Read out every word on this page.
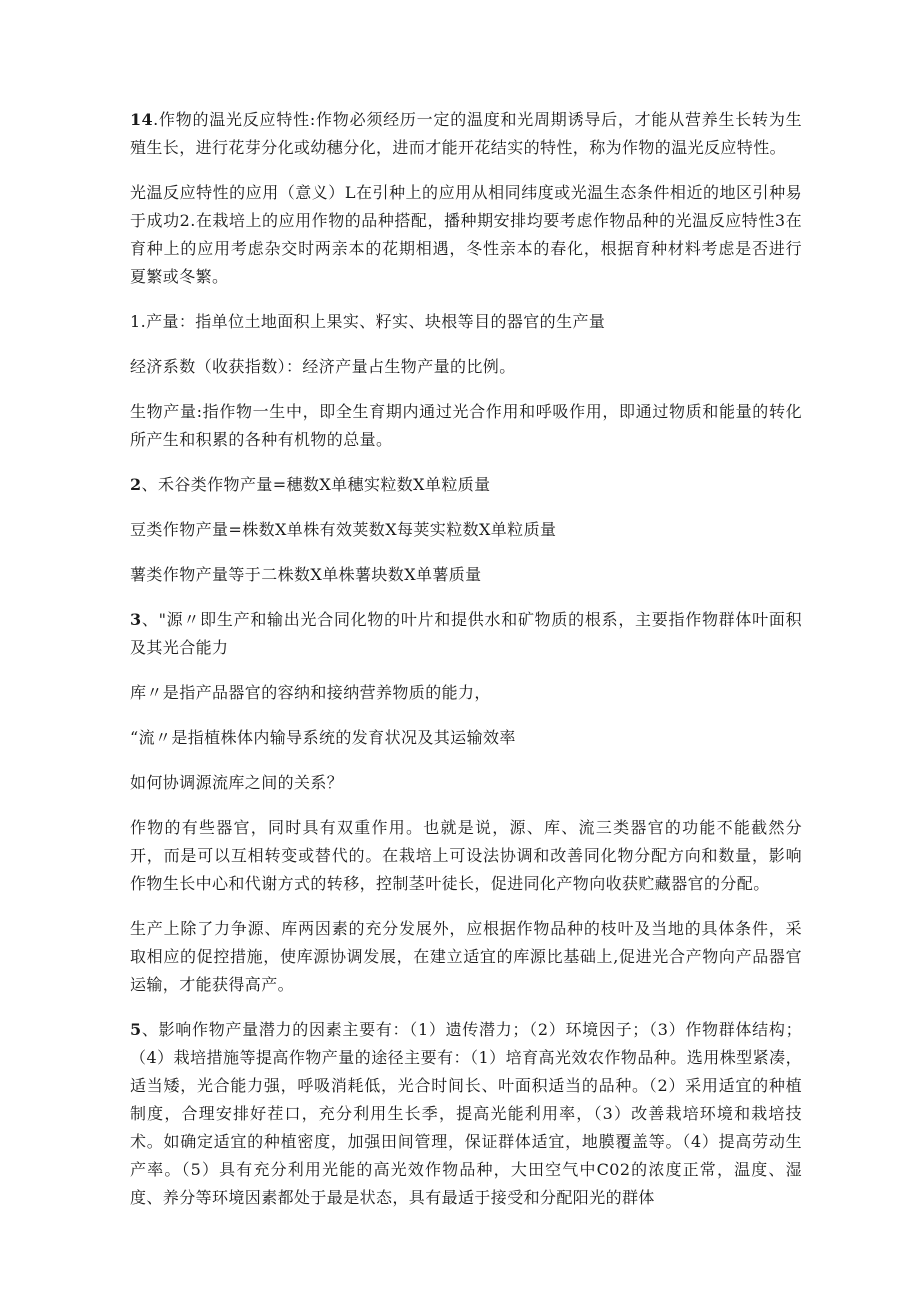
14.作物的温光反应特性:作物必须经历一定的温度和光周期诱导后，才能从营养生长转为生殖生长，进行花芽分化或幼穗分化，进而才能开花结实的特性，称为作物的温光反应特性。

光温反应特性的应用（意义）L在引种上的应用从相同纬度或光温生态条件相近的地区引种易于成功2.在栽培上的应用作物的品种搭配，播种期安排均要考虑作物品种的光温反应特性3在育种上的应用考虑杂交时两亲本的花期相遇，冬性亲本的春化，根据育种材料考虑是否进行夏繁或冬繁。

1.产量：指单位土地面积上果实、籽实、块根等目的器官的生产量

经济系数（收获指数）：经济产量占生物产量的比例。

生物产量:指作物一生中，即全生育期内通过光合作用和呼吸作用，即通过物质和能量的转化所产生和积累的各种有机物的总量。

2、禾谷类作物产量=穗数X单穗实粒数X单粒质量

豆类作物产量=株数X单株有效荚数X每荚实粒数X单粒质量

薯类作物产量等于二株数X单株薯块数X单薯质量

3、"源〃即生产和输出光合同化物的叶片和提供水和矿物质的根系，主要指作物群体叶面积及其光合能力

库〃是指产品器官的容纳和接纳营养物质的能力，

“流〃是指植株体内输导系统的发育状况及其运输效率

如何协调源流库之间的关系？

作物的有些器官，同时具有双重作用。也就是说，源、库、流三类器官的功能不能截然分开，而是可以互相转变或替代的。在栽培上可设法协调和改善同化物分配方向和数量，影响作物生长中心和代谢方式的转移，控制茎叶徒长，促进同化产物向收获贮藏器官的分配。

生产上除了力争源、库两因素的充分发展外，应根据作物品种的枝叶及当地的具体条件，采取相应的促控措施，使库源协调发展，在建立适宜的库源比基础上,促进光合产物向产品器官运输，才能获得高产。

5、影响作物产量潜力的因素主要有：（1）遗传潜力；（2）环境因子；（3）作物群体结构；（4）栽培措施等提高作物产量的途径主要有：（1）培育高光效农作物品种。选用株型紧凑，适当矮，光合能力强，呼吸消耗低，光合时间长、叶面积适当的品种。（2）采用适宜的种植制度，合理安排好茬口，充分利用生长季，提高光能利用率，（3）改善栽培环境和栽培技术。如确定适宜的种植密度，加强田间管理，保证群体适宜，地膜覆盖等。（4）提高劳动生产率。（5）具有充分利用光能的高光效作物品种，大田空气中C02的浓度正常，温度、湿度、养分等环境因素都处于最是状态，具有最适于接受和分配阳光的群体
